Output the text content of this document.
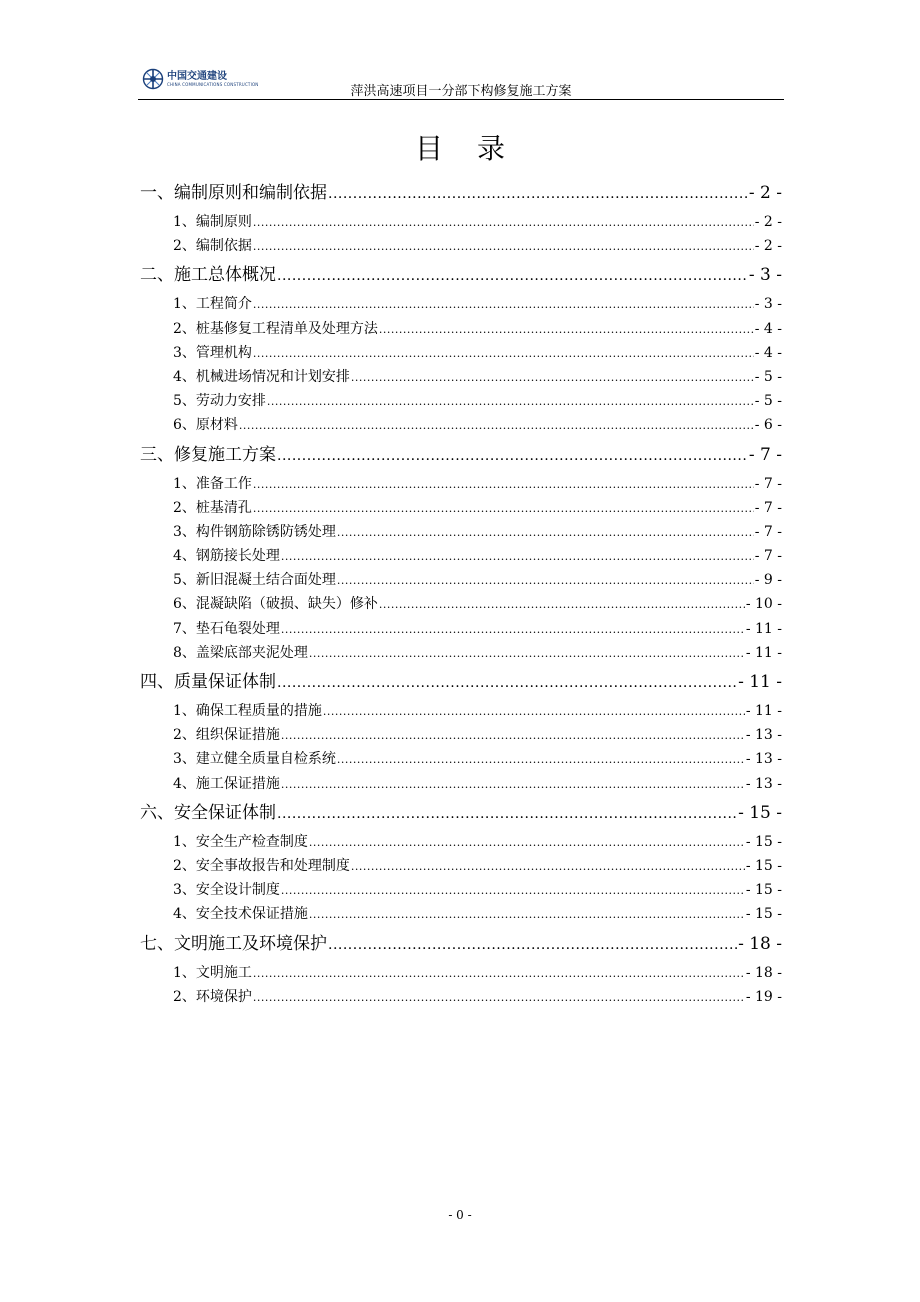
中国交通建设
CHINA COMMUNICATIONS CONSTRUCTION	萍洪高速项目一分部下构修复施工方案
目录
一、编制原则和编制依据 .....	- 2 -
1、编制原则 .....	- 2 -
2、编制依据 .....	- 2 -
二、施工总体概况 .....	- 3 -
1、工程简介 .....	- 3 -
2、桩基修复工程清单及处理方法 .....	- 4 -
3、管理机构 .....	- 4 -
4、机械进场情况和计划安排 .....	- 5 -
5、劳动力安排 .....	- 5 -
6、原材料 .....	- 6 -
三、修复施工方案 .....	- 7 -
1、准备工作 .....	- 7 -
2、桩基清孔 .....	- 7 -
3、构件钢筋除锈防锈处理 .....	- 7 -
4、钢筋接长处理 .....	- 7 -
5、新旧混凝土结合面处理 .....	- 9 -
6、混凝缺陷（破损、缺失）修补 .....	- 10 -
7、垫石龟裂处理 .....	- 11 -
8、盖梁底部夹泥处理 .....	- 11 -
四、质量保证体制 .....	- 11 -
1、确保工程质量的措施 .....	- 11 -
2、组织保证措施 .....	- 13 -
3、建立健全质量自检系统 .....	- 13 -
4、施工保证措施 .....	- 13 -
六、安全保证体制 .....	- 15 -
1、安全生产检查制度 .....	- 15 -
2、安全事故报告和处理制度 .....	- 15 -
3、安全设计制度 .....	- 15 -
4、安全技术保证措施 .....	- 15 -
七、文明施工及环境保护 .....	- 18 -
1、文明施工 .....	- 18 -
2、环境保护 .....	- 19 -
- 0 -
